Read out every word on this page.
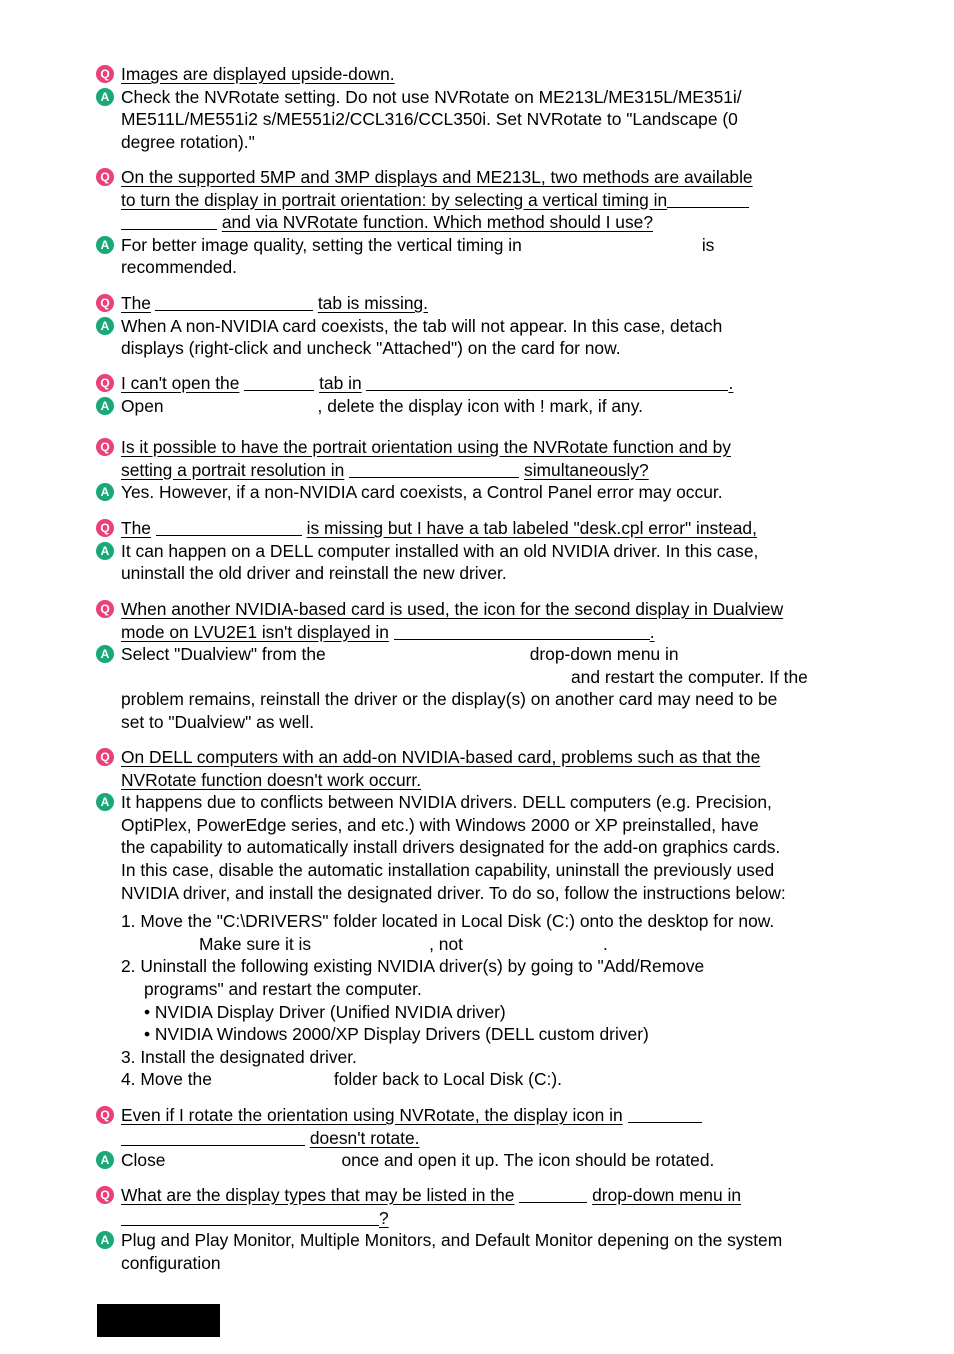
Q Images are displayed upside-down.
A Check the NVRotate setting. Do not use NVRotate on ME213L/ME315L/ME351i/
ME511L/ME551i2 s/ME551i2/CCL316/CCL350i. Set NVRotate to "Landscape (0
degree rotation)."
Q On the supported 5MP and 3MP displays and ME213L, two methods are available
to turn the display in portrait orientation: by selecting a vertical timing in
and via NVRotate function. Which method should I use?
A For better image quality, setting the vertical timing in	is
recommended.
Q The	tab is missing.
A When A non-NVIDIA card coexists, the tab will not appear. In this case, detach
displays (right-click and uncheck "Attached") on the card for now.
Q I can't open the	tab in	.
A Open	, delete the display icon with ! mark, if any.
Q Is it possible to have the portrait orientation using the NVRotate function and by
setting a portrait resolution in	simultaneously?
A Yes. However, if a non-NVIDIA card coexists, a Control Panel error may occur.
Q The	is missing but I have a tab labeled "desk.cpl error" instead,
A It can happen on a DELL computer installed with an old NVIDIA driver. In this case,
uninstall the old driver and reinstall the new driver.
Q When another NVIDIA-based card is used, the icon for the second display in Dualview
mode on LVU2E1 isn't displayed in	.
A Select "Dualview" from the	drop-down menu in
and restart the computer. If the
problem remains, reinstall the driver or the display(s) on another card may need to be
set to "Dualview" as well.
Q On DELL computers with an add-on NVIDIA-based card, problems such as that the
NVRotate function doesn't work occurr.
A It happens due to conflicts between NVIDIA drivers. DELL computers (e.g. Precision,
OptiPlex, PowerEdge series, and etc.) with Windows 2000 or XP preinstalled, have
the capability to automatically install drivers designated for the add-on graphics cards.
In this case, disable the automatic installation capability, uninstall the previously used
NVIDIA driver, and install the designated driver. To do so, follow the instructions below:
1. Move the "C:\DRIVERS" folder located in Local Disk (C:) onto the desktop for now.
Make sure it is	, not	.
2. Uninstall the following existing NVIDIA driver(s) by going to "Add/Remove
programs" and restart the computer.
• NVIDIA Display Driver (Unified NVIDIA driver)
• NVIDIA Windows 2000/XP Display Drivers (DELL custom driver)
3. Install the designated driver.
4. Move the	folder back to Local Disk (C:).
Q Even if I rotate the orientation using NVRotate, the display icon in
doesn't rotate.
A Close	once and open it up. The icon should be rotated.
Q What are the display types that may be listed in the	drop-down menu in
?
A Plug and Play Monitor, Multiple Monitors, and Default Monitor depening on the system
configuration
